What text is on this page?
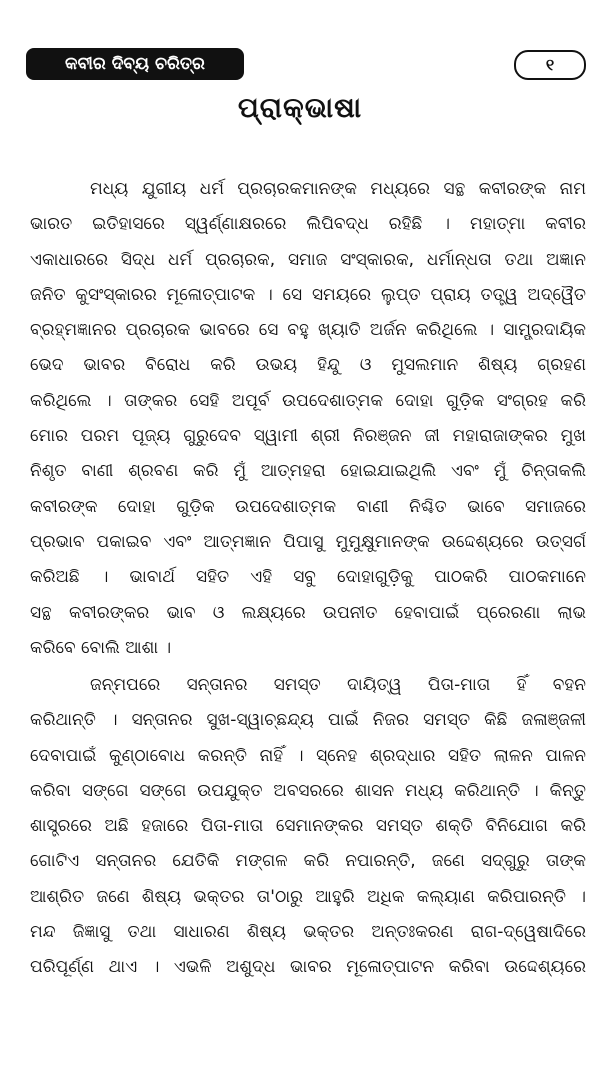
କବୀର ଦିବ୍ୟ ଚରିତ୍ର	୧
ପ୍ରାକ୍‌ଭାଷା
ମଧ୍ୟ ଯୁଗୀୟ ଧର୍ମ ପ୍ରଚାରକମାନଙ୍କ ମଧ୍ୟରେ ସନ୍ଥ କବୀରଙ୍କ ନାମ
ଭାରତ ଇତିହାସରେ ସ୍ୱର୍ଣ୍ଣାକ୍ଷରରେ ଲିପିବଦ୍ଧ ରହିଛି । ମହାତ୍ମା କବୀର
ଏକାଧାରରେ ସିଦ୍ଧ ଧର୍ମ ପ୍ରଚାରକ, ସମାଜ ସଂସ୍କାରକ, ଧର୍ମାନ୍ଧତା ତଥା ଅଜ୍ଞାନ
ଜନିତ କୁସଂସ୍କାରର ମୂଳୋତ୍ପାଟକ । ସେ ସମୟରେ ଲୁପ୍ତ ପ୍ରାୟ ତତ୍ତ୍ୱ ଅଦ୍ୱୈତ
ବ୍ରହ୍ମଜ୍ଞାନର ପ୍ରଚାରକ ଭାବରେ ସେ ବହୁ ଖ୍ୟାତି ଅର୍ଜନ କରିଥିଲେ । ସାମ୍ପ୍ରଦାୟିକ
ଭେଦ ଭାବର ବିରୋଧ କରି ଉଭୟ ହିନ୍ଦୁ ଓ ମୁସଲମାନ ଶିଷ୍ୟ ଗ୍ରହଣ
କରିଥିଲେ । ତାଙ୍କର ସେହି ଅପୂର୍ବ ଉପଦେଶାତ୍ମକ ଦୋହା ଗୁଡ଼ିକ ସଂଗ୍ରହ କରି
ମୋର ପରମ ପୂଜ୍ୟ ଗୁରୁଦେବ ସ୍ୱାମୀ ଶ୍ରୀ ନିରଞ୍ଜନ ଜୀ ମହାରାଜାଙ୍କର ମୁଖ
ନିଶୃତ ବାଣୀ ଶ୍ରବଣ କରି ମୁଁ ଆତ୍ମହରା ହୋଇଯାଇଥିଲି ଏବଂ ମୁଁ ଚିନ୍ତାକଲି
କବୀରଙ୍କ ଦୋହା ଗୁଡ଼ିକ ଉପଦେଶାତ୍ମକ ବାଣୀ ନିଶ୍ଚିତ ଭାବେ ସମାଜରେ
ପ୍ରଭାବ ପକାଇବ ଏବଂ ଆତ୍ମଜ୍ଞାନ ପିପାସୁ ମୁମୁକ୍ଷୁମାନଙ୍କ ଉଦ୍ଦେଶ୍ୟରେ ଉତ୍ସର୍ଗ
କରିଅଛି । ଭାବାର୍ଥ ସହିତ ଏହି ସବୁ ଦୋହାଗୁଡ଼ିକୁ ପାଠକରି ପାଠକମାନେ
ସନ୍ଥ କବୀରଙ୍କର ଭାବ ଓ ଲକ୍ଷ୍ୟରେ ଉପନୀତ ହେବାପାଇଁ ପ୍ରେରଣା ଲାଭ
କରିବେ ବୋଲି ଆଶା ।
ଜନ୍ମପରେ ସନ୍ତାନର ସମସ୍ତ ଦାୟିତ୍ୱ ପିତା-ମାତା ହିଁ ବହନ
କରିଥାନ୍ତି । ସନ୍ତାନର ସୁଖ-ସ୍ୱାଚ୍ଛନ୍ଦ୍ୟ ପାଇଁ ନିଜର ସମସ୍ତ କିଛି ଜଳାଞ୍ଜଳୀ
ଦେବାପାଇଁ କୁଣ୍ଠାବୋଧ କରନ୍ତି ନାହିଁ । ସ୍ନେହ ଶ୍ରଦ୍ଧାର ସହିତ ଲାଳନ ପାଳନ
କରିବା ସଙ୍ଗେ ସଙ୍ଗେ ଉପଯୁକ୍ତ ଅବସରରେ ଶାସନ ମଧ୍ୟ କରିଥାନ୍ତି । କିନ୍ତୁ
ଶାସ୍ତ୍ରରେ ଅଛି ହଜାରେ ପିତା-ମାତା ସେମାନଙ୍କର ସମସ୍ତ ଶକ୍ତି ବିନିଯୋଗ କରି
ଗୋଟିଏ ସନ୍ତାନର ଯେତିକି ମଙ୍ଗଳ କରି ନପାରନ୍ତି, ଜଣେ ସଦ୍‌ଗୁରୁ ତାଙ୍କ
ଆଶ୍ରିତ ଜଣେ ଶିଷ୍ୟ ଭକ୍ତର ତା'ଠାରୁ ଆହୁରି ଅଧିକ କଲ୍ୟାଣ କରିପାରନ୍ତି ।
ମନ୍ଦ ଜିଜ୍ଞାସୁ ତଥା ସାଧାରଣ ଶିଷ୍ୟ ଭକ୍ତର ଅନ୍ତଃକରଣ ରାଗ-ଦ୍ୱେଷାଦିରେ
ପରିପୂର୍ଣ୍ଣ ଥାଏ । ଏଭଳି ଅଶୁଦ୍ଧ ଭାବର ମୂଳୋତ୍ପାଟନ କରିବା ଉଦ୍ଦେଶ୍ୟରେ
